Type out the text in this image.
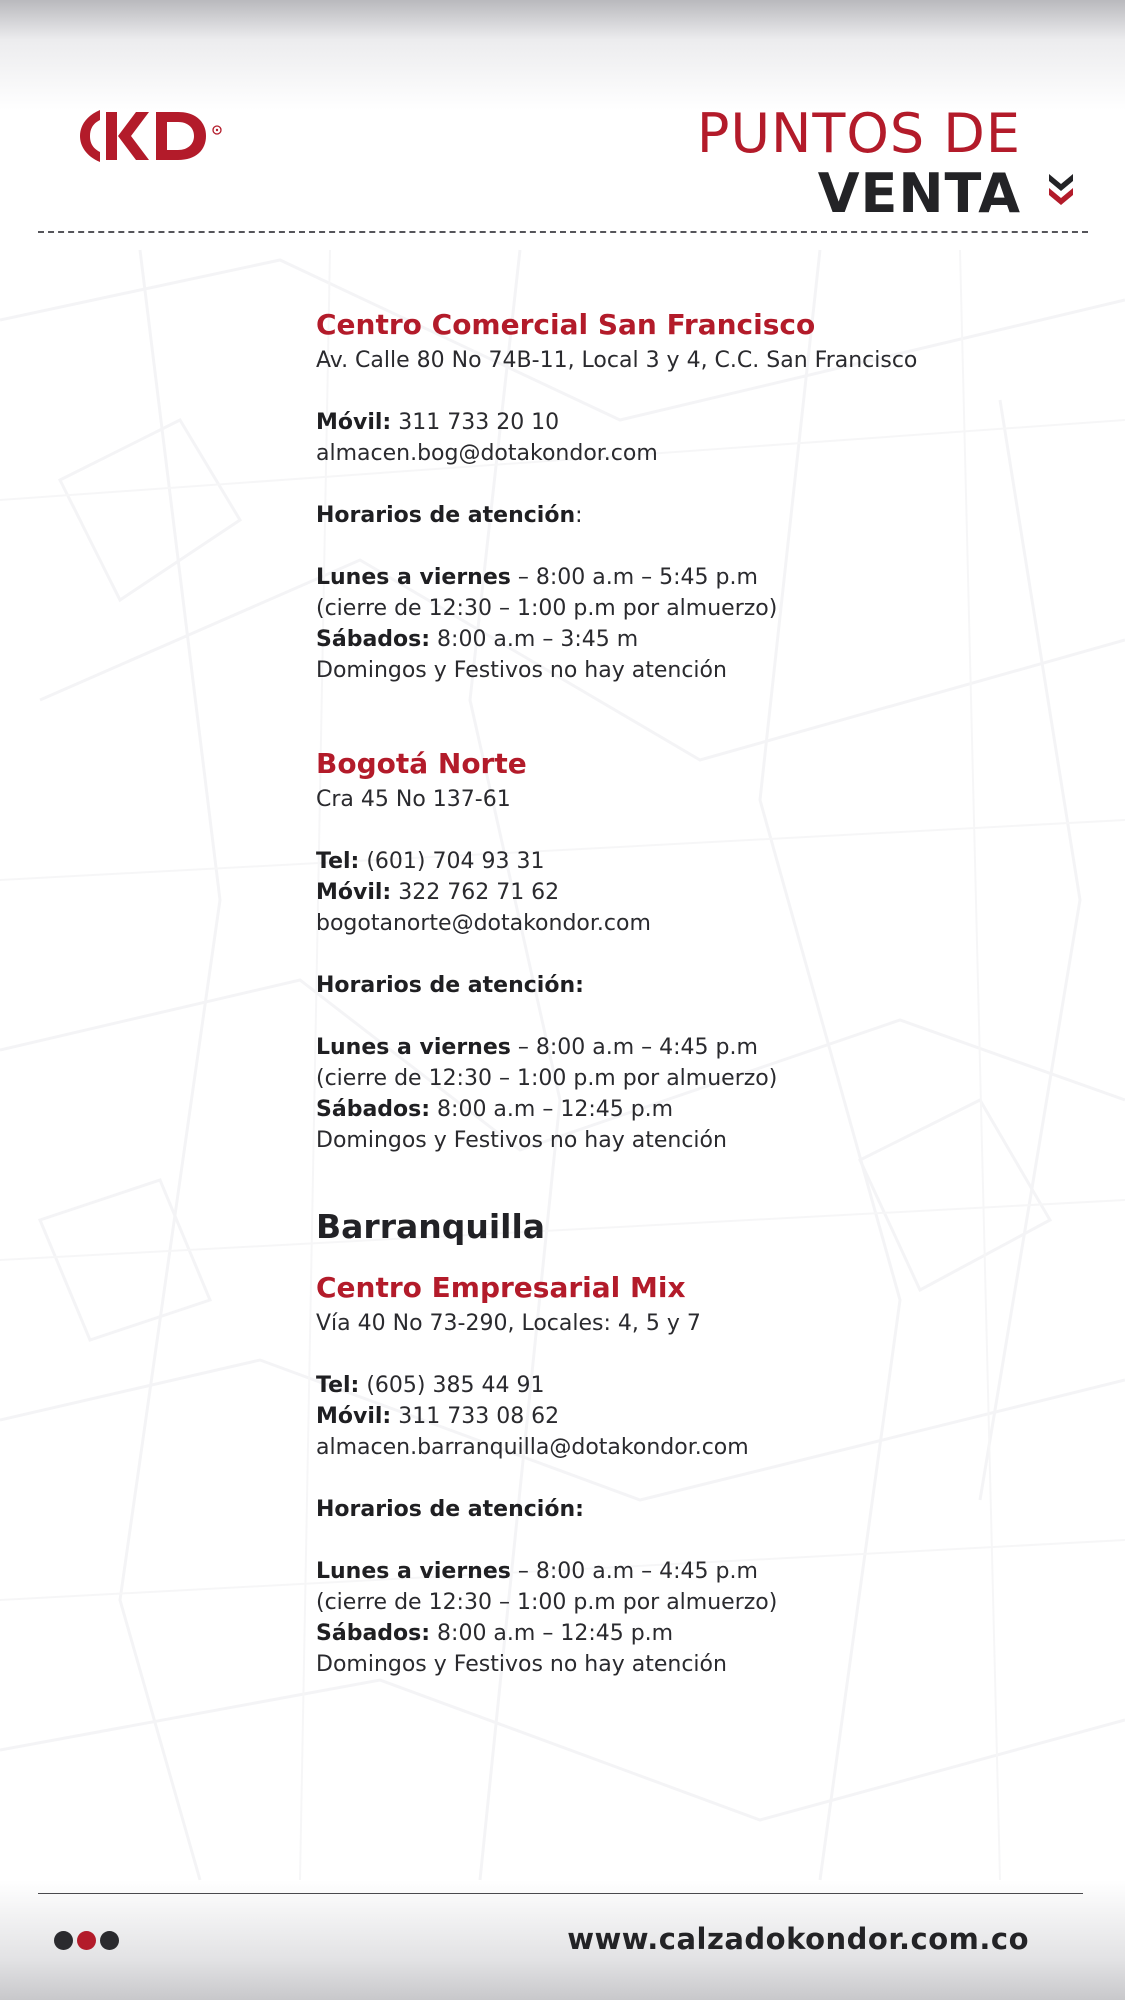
PUNTOS DE
VENTA

Centro Comercial San Francisco

Av. Calle 80 No 74B-11, Local 3 y 4, C.C. San Francisco
Móvil: 311 733 20 10
almacen.bog@dotakondor.com
Horarios de atención:
Lunes a viernes – 8:00 a.m – 5:45 p.m
(cierre de 12:30 – 1:00 p.m por almuerzo)
Sábados: 8:00 a.m – 3:45 m
Domingos y Festivos no hay atención

Bogotá Norte

Cra 45 No 137-61
Tel: (601) 704 93 31
Móvil: 322 762 71 62
bogotanorte@dotakondor.com
Horarios de atención:
Lunes a viernes – 8:00 a.m – 4:45 p.m
(cierre de 12:30 – 1:00 p.m por almuerzo)
Sábados: 8:00 a.m – 12:45 p.m
Domingos y Festivos no hay atención

Barranquilla

Centro Empresarial Mix

Vía 40 No 73-290, Locales: 4, 5 y 7
Tel: (605) 385 44 91
Móvil: 311 733 08 62
almacen.barranquilla@dotakondor.com
Horarios de atención:
Lunes a viernes – 8:00 a.m – 4:45 p.m
(cierre de 12:30 – 1:00 p.m por almuerzo)
Sábados: 8:00 a.m – 12:45 p.m
Domingos y Festivos no hay atención
www.calzadokondor.com.co
